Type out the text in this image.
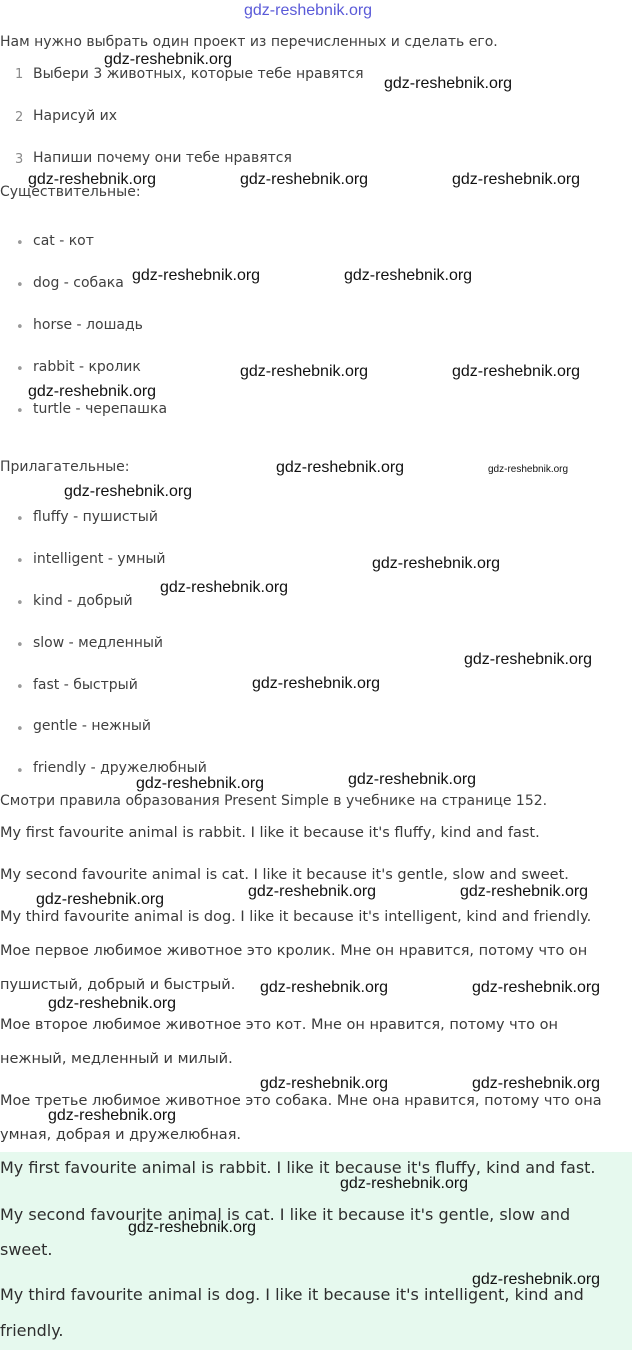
gdz-reshebnik.org
Нам нужно выбрать один проект из перечисленных и сделать его.
1 Выбери 3 животных, которые тебе нравятся
2 Нарисуй их
3 Напиши почему они тебе нравятся
Существительные:
• cat - кот
• dog - собака
• horse - лошадь
• rabbit - кролик
• turtle - черепашка
Прилагательные:
• fluffy - пушистый
• intelligent - умный
• kind - добрый
• slow - медленный
• fast - быстрый
• gentle - нежный
• friendly - дружелюбный
Смотри правила образования Present Simple в учебнике на странице 152.
My first favourite animal is rabbit. I like it because it's fluffy, kind and fast.
My second favourite animal is cat. I like it because it's gentle, slow and sweet.
My third favourite animal is dog. I like it because it's intelligent, kind and friendly.
Мое первое любимое животное это кролик. Мне он нравится, потому что он
пушистый, добрый и быстрый.
Мое второе любимое животное это кот. Мне он нравится, потому что он
нежный, медленный и милый.
Мое третье любимое животное это собака. Мне она нравится, потому что она
умная, добрая и дружелюбная.
My first favourite animal is rabbit. I like it because it's fluffy, kind and fast.
My second favourite animal is cat. I like it because it's gentle, slow and
sweet.
My third favourite animal is dog. I like it because it's intelligent, kind and
friendly.
gdz-reshebnik.org
gdz-reshebnik.org
gdz-reshebnik.org	gdz-reshebnik.org	gdz-reshebnik.org
gdz-reshebnik.org	gdz-reshebnik.org
gdz-reshebnik.org	gdz-reshebnik.org
gdz-reshebnik.org
gdz-reshebnik.org	gdz-reshebnik.org
gdz-reshebnik.org
gdz-reshebnik.org
gdz-reshebnik.org
gdz-reshebnik.org
gdz-reshebnik.org
gdz-reshebnik.org
gdz-reshebnik.org
gdz-reshebnik.org	gdz-reshebnik.org
gdz-reshebnik.org
gdz-reshebnik.org	gdz-reshebnik.org
gdz-reshebnik.org
gdz-reshebnik.org	gdz-reshebnik.org
gdz-reshebnik.org
gdz-reshebnik.org
gdz-reshebnik.org
gdz-reshebnik.org
